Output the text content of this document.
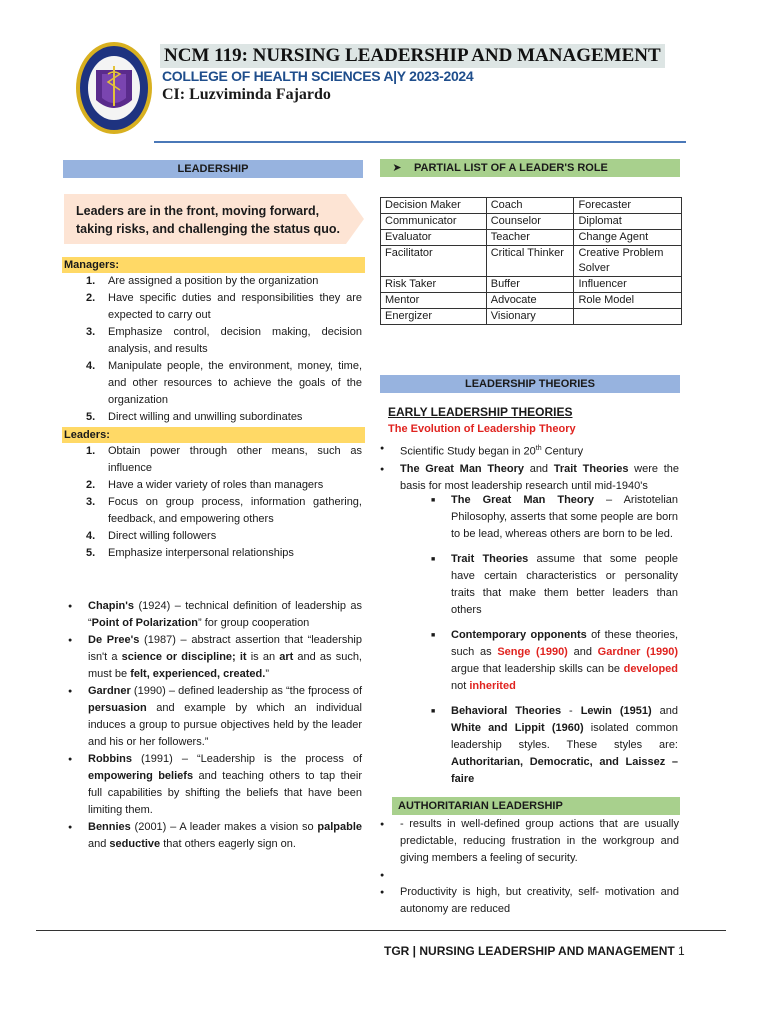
NCM 119: NURSING LEADERSHIP AND MANAGEMENT
COLLEGE OF HEALTH SCIENCES A|Y 2023-2024
CI: Luzviminda Fajardo
LEADERSHIP
Leaders are in the front, moving forward, taking risks, and challenging the status quo.
Managers:
1. Are assigned a position by the organization
2. Have specific duties and responsibilities they are expected to carry out
3. Emphasize control, decision making, decision analysis, and results
4. Manipulate people, the environment, money, time, and other resources to achieve the goals of the organization
5. Direct willing and unwilling subordinates
Leaders:
1. Obtain power through other means, such as influence
2. Have a wider variety of roles than managers
3. Focus on group process, information gathering, feedback, and empowering others
4. Direct willing followers
5. Emphasize interpersonal relationships
● Chapin's (1924) – technical definition of leadership as “Point of Polarization” for group cooperation
● De Pree's (1987) – abstract assertion that “leadership isn't a science or discipline; it is an art and as such, must be felt, experienced, created.”
● Gardner (1990) – defined leadership as “the fprocess of persuasion and example by which an individual induces a group to pursue objectives held by the leader and his or her followers.”
● Robbins (1991) – “Leadership is the process of empowering beliefs and teaching others to tap their full capabilities by shifting the beliefs that have been limiting them.
● Bennies (2001) – A leader makes a vision so palpable and seductive that others eagerly sign on.
➤ PARTIAL LIST OF A LEADER'S ROLE
Decision Maker	Coach	Forecaster
Communicator	Counselor	Diplomat
Evaluator	Teacher	Change Agent
Facilitator	Critical Thinker	Creative Problem Solver
Risk Taker	Buffer	Influencer
Mentor	Advocate	Role Model
Energizer	Visionary	
LEADERSHIP THEORIES
EARLY LEADERSHIP THEORIES
The Evolution of Leadership Theory
● Scientific Study began in 20th Century
● The Great Man Theory and Trait Theories were the basis for most leadership research until mid-1940's
■ The Great Man Theory – Aristotelian Philosophy, asserts that some people are born to be lead, whereas others are born to be led.
■ Trait Theories assume that some people have certain characteristics or personality traits that make them better leaders than others
■ Contemporary opponents of these theories, such as Senge (1990) and Gardner (1990) argue that leadership skills can be developed not inherited
■ Behavioral Theories - Lewin (1951) and White and Lippit (1960) isolated common leadership styles. These styles are: Authoritarian, Democratic, and Laissez – faire
AUTHORITARIAN LEADERSHIP
● - results in well-defined group actions that are usually predictable, reducing frustration in the workgroup and giving members a feeling of security.
●
● Productivity is high, but creativity, self- motivation and autonomy are reduced
TGR | NURSING LEADERSHIP AND MANAGEMENT 1
